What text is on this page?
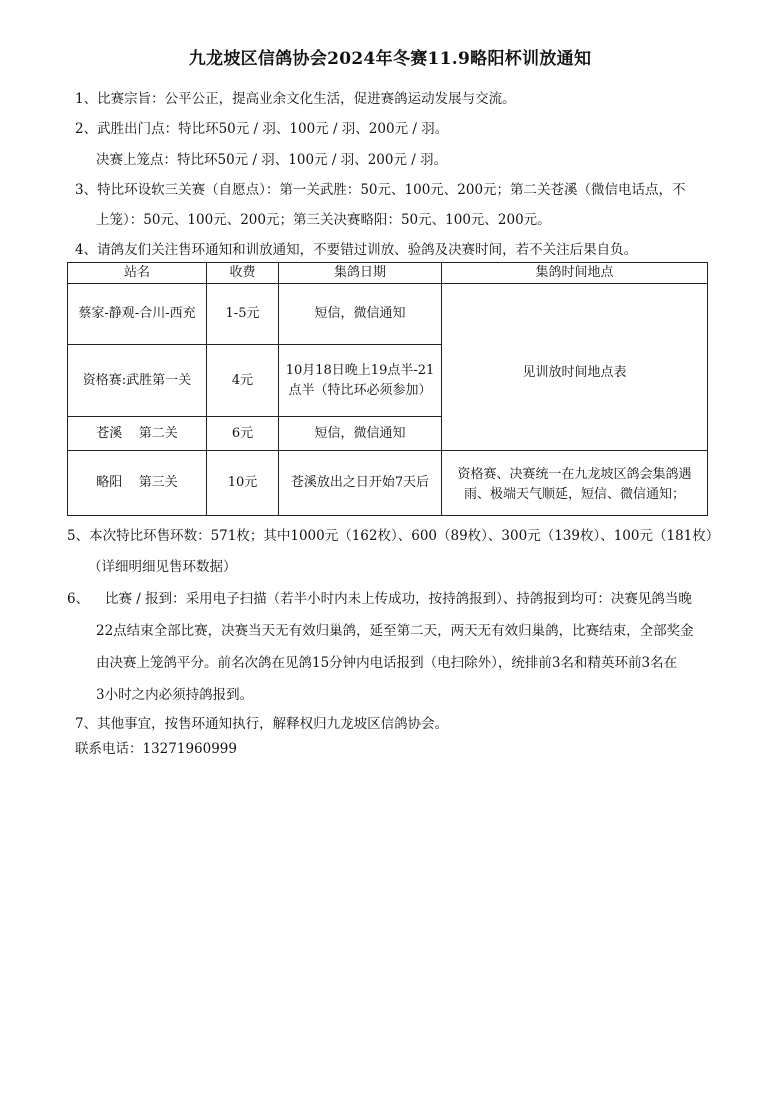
九龙坡区信鸽协会2024年冬赛11.9略阳杯训放通知
1、比赛宗旨：公平公正，提高业余文化生活，促进赛鸽运动发展与交流。
2、武胜出门点：特比环50元 / 羽、100元 / 羽、200元 / 羽。
决赛上笼点：特比环50元 / 羽、100元 / 羽、200元 / 羽。
3、特比环设软三关赛（自愿点）：第一关武胜：50元、100元、200元；第二关苍溪（微信电话点，不
上笼）：50元、100元、200元；第三关决赛略阳：50元、100元、200元。
4、请鸽友们关注售环通知和训放通知，不要错过训放、验鸽及决赛时间，若不关注后果自负。
站名	收费	集鸽日期	集鸽时间地点
蔡家-静观-合川-西充	1-5元	短信，微信通知	见训放时间地点表
资格赛:武胜第一关	4元	10月18日晚上19点半-21点半（特比环必须参加）	
苍溪    第二关	6元	短信，微信通知	
略阳    第三关	10元	苍溪放出之日开始7天后	资格赛、决赛统一在九龙坡区鸽会集鸽遇雨、极端天气顺延，短信、微信通知；
5、本次特比环售环数：571枚；其中1000元（162枚）、600（89枚）、300元（139枚）、100元（181枚）
（详细明细见售环数据）
6、 比赛 / 报到：采用电子扫描（若半小时内未上传成功，按持鸽报到）、持鸽报到均可：决赛见鸽当晚
22点结束全部比赛，决赛当天无有效归巢鸽，延至第二天，两天无有效归巢鸽，比赛结束，全部奖金
由决赛上笼鸽平分。前名次鸽在见鸽15分钟内电话报到（电扫除外），统排前3名和精英环前3名在
3小时之内必须持鸽报到。
7、其他事宜，按售环通知执行，解释权归九龙坡区信鸽协会。
联系电话：13271960999
